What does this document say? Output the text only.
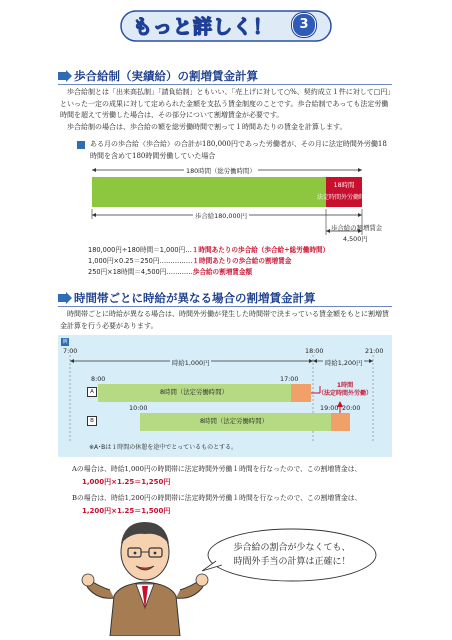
もっと詳しく！	3
歩合給制（実績給）の割増賃金計算
歩合給制とは「出来高払制」「請負給制」ともいい、「売上げに対して○%、契約成立１件に対して□円」といった一定の成果に対して定められた金額を支払う賃金制度のことです。歩合給制であっても法定労働時間を超えて労働した場合は、その部分について割増賃金が必要です。
歩合給制の場合は、歩合給の額を総労働時間で割って１時間あたりの賃金を計算します。
ある月の歩合給（歩合給）の合計が180,000円であった労働者が、その月に法定時間外労働18時間を含めて180時間労働していた場合
180時間（総労働時間）
18時間
法定時間外労働時間
歩合給180,000円
歩合給の割増賃金
4,500円
180,000円÷180時間＝1,000円…１時間あたりの歩合給（歩合給÷総労働時間）
1,000円×0.25＝250円……………１時間あたりの歩合給の割増賃金
250円×18時間＝4,500円…………歩合給の割増賃金額
時間帯ごとに時給が異なる場合の割増賃金計算
時間帯ごとに時給が異なる場合は、時間外労働が発生した時間帯で決まっている賃金額をもとに割増賃金計算を行う必要があります。
例
7:00	18:00	21:00
時給1,000円	時給1,200円
8:00	17:00
A	8時間（法定労働時間）
1時間
（法定時間外労働）
10:00	19:00 20:00
B	8時間（法定労働時間）
※A･Bは１時間の休憩を途中でとっているものとする。
Aの場合は、時給1,000円の時間帯に法定時間外労働１時間を行なったので、この割増賃金は、
1,000円×1.25＝1,250円
Bの場合は、時給1,200円の時間帯に法定時間外労働１時間を行なったので、この割増賃金は、
1,200円×1.25＝1,500円
歩合給の割合が少なくても、
時間外手当の計算は正確に！
